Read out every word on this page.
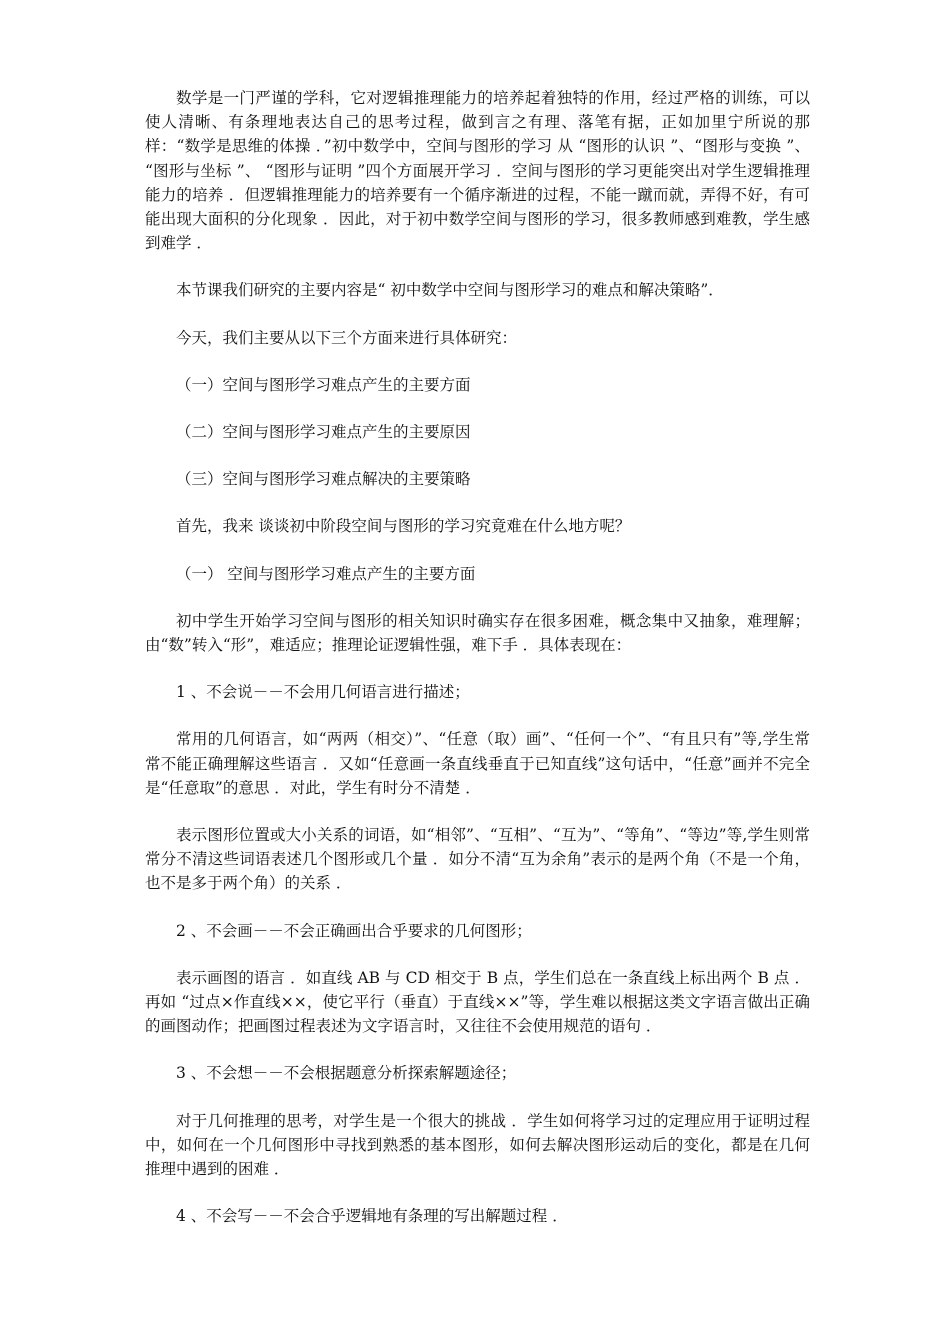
数学是一门严谨的学科，它对逻辑推理能力的培养起着独特的作用，经过严格的训练，可以使人清晰、有条理地表达自己的思考过程，做到言之有理、落笔有据，正如加里宁所说的那样：“数学是思维的体操 ．”初中数学中，空间与图形的学习 从 “图形的认识 ”、“图形与变换 ”、 “图形与坐标 ”、 “图形与证明 ”四个方面展开学习 ．空间与图形的学习更能突出对学生逻辑推理能力的培养 ．但逻辑推理能力的培养要有一个循序渐进的过程，不能一蹴而就，弄得不好，有可能出现大面积的分化现象 ．因此，对于初中数学空间与图形的学习，很多教师感到难教，学生感到难学 ．

本节课我们研究的主要内容是“ 初中数学中空间与图形学习的难点和解决策略”．

今天，我们主要从以下三个方面来进行具体研究：

（一）空间与图形学习难点产生的主要方面

（二）空间与图形学习难点产生的主要原因

（三）空间与图形学习难点解决的主要策略

首先，我来 谈谈初中阶段空间与图形的学习究竟难在什么地方呢？

（一） 空间与图形学习难点产生的主要方面

初中学生开始学习空间与图形的相关知识时确实存在很多困难，概念集中又抽象，难理解；由“数”转入“形”，难适应；推理论证逻辑性强，难下手 ．具体表现在：

1 、不会说－－不会用几何语言进行描述；

常用的几何语言，如“两两（相交）”、“任意（取）画”、“任何一个”、“有且只有”等,学生常常不能正确理解这些语言 ．又如“任意画一条直线垂直于已知直线”这句话中，“任意”画并不完全是“任意取”的意思 ．对此，学生有时分不清楚 ．

表示图形位置或大小关系的词语，如“相邻”、“互相”、“互为”、“等角”、“等边”等,学生则常常分不清这些词语表述几个图形或几个量 ．如分不清“互为余角”表示的是两个角（不是一个角，也不是多于两个角）的关系 ．

2 、不会画－－不会正确画出合乎要求的几何图形；

表示画图的语言 ．如直线 AB 与 CD 相交于 B 点，学生们总在一条直线上标出两个 B 点 ．再如 “过点×作直线××，使它平行（垂直）于直线××”等，学生难以根据这类文字语言做出正确的画图动作；把画图过程表述为文字语言时，又往往不会使用规范的语句 ．

3 、不会想－－不会根据题意分析探索解题途径；

对于几何推理的思考，对学生是一个很大的挑战 ．学生如何将学习过的定理应用于证明过程中，如何在一个几何图形中寻找到熟悉的基本图形，如何去解决图形运动后的变化，都是在几何推理中遇到的困难 ．

4 、不会写－－不会合乎逻辑地有条理的写出解题过程 ．
